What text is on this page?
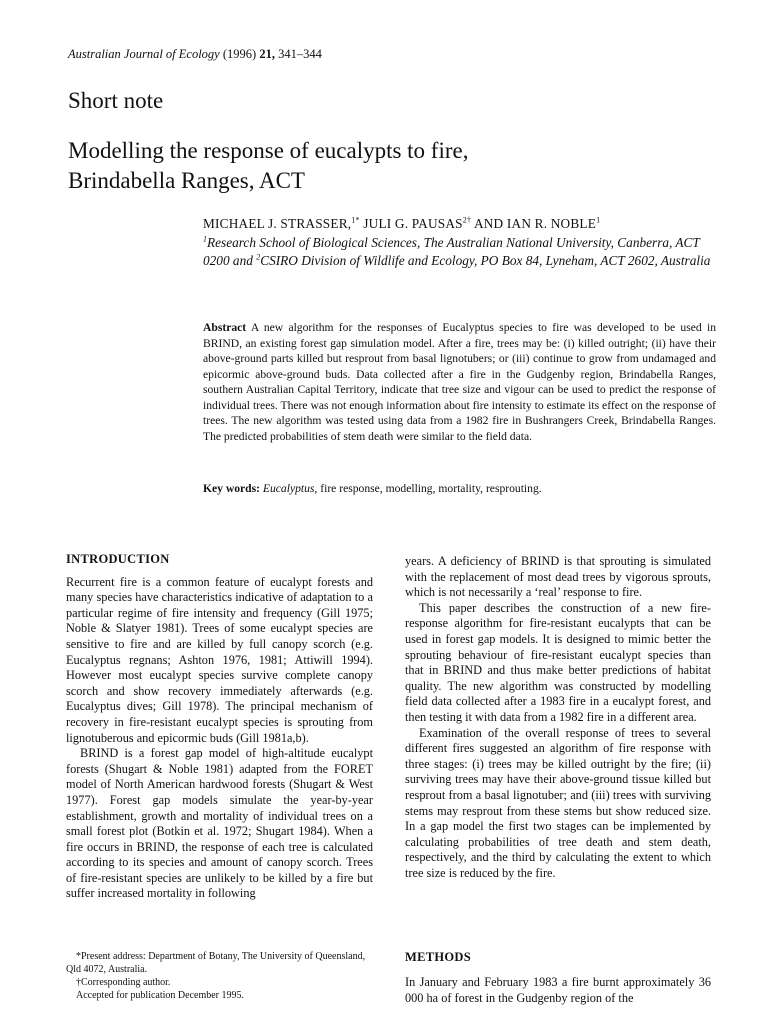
Australian Journal of Ecology (1996) 21, 341–344
Short note
Modelling the response of eucalypts to fire,
Brindabella Ranges, ACT
MICHAEL J. STRASSER,$^{1*}$ JULI G. $PAUSAS^{2\dagger}$ AND IAN R. NOBLE$^1$
$^1$Research School of Biological Sciences, The Australian National University, Canberra, ACT 0200 and $^2$CSIRO Division of Wildlife and Ecology, PO Box 84, Lyneham, ACT 2602, Australia
Abstract A new algorithm for the responses of Eucalyptus species to fire was developed to be used in BRIND, an existing forest gap simulation model. After a fire, trees may be: (i) killed outright; (ii) have their above-ground parts killed but resprout from basal lignotubers; or (iii) continue to grow from undamaged and epicormic above-ground buds. Data collected after a fire in the Gudgenby region, Brindabella Ranges, southern Australian Capital Territory, indicate that tree size and vigour can be used to predict the response of individual trees. There was not enough information about fire intensity to estimate its effect on the response of trees. The new algorithm was tested using data from a 1982 fire in Bushrangers Creek, Brindabella Ranges. The predicted probabilities of stem death were similar to the field data.
Key words: Eucalyptus, fire response, modelling, mortality, resprouting.
INTRODUCTION

Recurrent fire is a common feature of eucalypt forests and many species have characteristics indicative of adaptation to a particular regime of fire intensity and frequency (Gill 1975; Noble & Slatyer 1981). Trees of some eucalypt species are sensitive to fire and are killed by full canopy scorch (e.g. Eucalyptus regnans; Ashton 1976, 1981; Attiwill 1994). However most eucalypt species survive complete canopy scorch and show recovery immediately afterwards (e.g. Eucalyptus dives; Gill 1978). The principal mechanism of recovery in fire-resistant eucalypt species is sprouting from lignotuberous and epicormic buds (Gill 1981a,b).

BRIND is a forest gap model of high-altitude eucalypt forests (Shugart & Noble 1981) adapted from the FORET model of North American hardwood forests (Shugart & West 1977). Forest gap models simulate the year-by-year establishment, growth and mortality of individual trees on a small forest plot (Botkin et al. 1972; Shugart 1984). When a fire occurs in BRIND, the response of each tree is calculated according to its species and amount of canopy scorch. Trees of fire-resistant species are unlikely to be killed by a fire but suffer increased mortality in following

years. A deficiency of BRIND is that sprouting is simulated with the replacement of most dead trees by vigorous sprouts, which is not necessarily a ‘real’ response to fire.

This paper describes the construction of a new fire-response algorithm for fire-resistant eucalypts that can be used in forest gap models. It is designed to mimic better the sprouting behaviour of fire-resistant eucalypt species than that in BRIND and thus make better predictions of habitat quality. The new algorithm was constructed by modelling field data collected after a 1983 fire in a eucalypt forest, and then testing it with data from a 1982 fire in a different area.

Examination of the overall response of trees to several different fires suggested an algorithm of fire response with three stages: (i) trees may be killed outright by the fire; (ii) surviving trees may have their above-ground tissue killed but resprout from a basal lignotuber; and (iii) trees with surviving stems may resprout from these stems but show reduced size. In a gap model the first two stages can be implemented by calculating probabilities of tree death and stem death, respectively, and the third by calculating the extent to which tree size is reduced by the fire.

*Present address: Department of Botany, The University of Queensland, Qld 4072, Australia.
†Corresponding author.
Accepted for publication December 1995.
METHODS
In January and February 1983 a fire burnt approximately 36 000 ha of forest in the Gudgenby region of the
